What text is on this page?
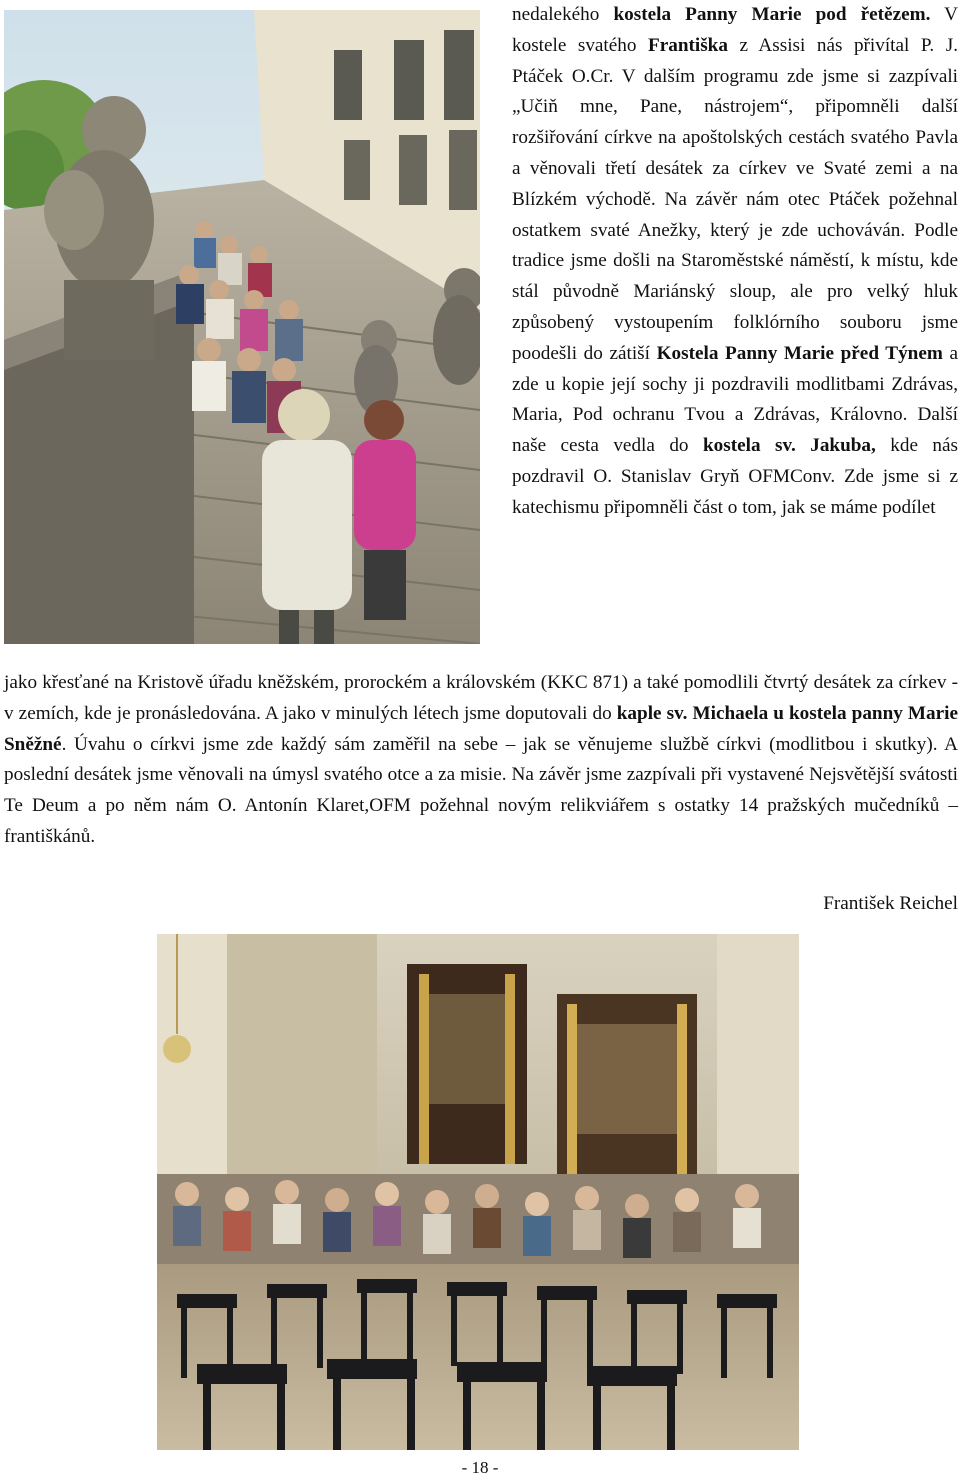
nedalekého kostela Panny Marie pod řetězem. V kostele svatého Františka z Assisi nás přivítal P. J. Ptáček O.Cr. V dalším programu zde jsme si zazpívali „Učiň mne, Pane, nástrojem“, připomněli další rozšiřování církve na apoštolských cestách svatého Pavla a věnovali třetí desátek za církev ve Svaté zemi a na Blízkém východě. Na závěr nám otec Ptáček požehnal ostatkem svaté Anežky, který je zde uchováván. Podle tradice jsme došli na Staroměstské náměstí, k místu, kde stál původně Mariánský sloup, ale pro velký hluk způsobený vystoupením folklórního souboru jsme poodešli do zátiší Kostela Panny Marie před Týnem a zde u kopie její sochy ji pozdravili modlitbami Zdrávas, Maria, Pod ochranu Tvou a Zdrávas, Královno. Další naše cesta vedla do kostela sv. Jakuba, kde nás pozdravil O. Stanislav Gryň OFMConv. Zde jsme si z katechismu připomněli část o tom, jak se máme podílet

jako křesťané na Kristově úřadu kněžském, prorockém a královském (KKC 871) a také pomodlili čtvrtý desátek za církev -v zemích, kde je pronásledována. A jako v minulých létech jsme doputovali do kaple sv. Michaela u kostela panny Marie Sněžné. Úvahu o církvi jsme zde každý sám zaměřil na sebe – jak se věnujeme službě církvi (modlitbou i skutky). A poslední desátek jsme věnovali na úmysl svatého otce a za misie. Na závěr jsme zazpívali při vystavené Nejsvětější svátosti Te Deum a po něm nám O. Antonín Klaret,OFM požehnal novým relikviářem s ostatky 14 pražských mučedníků – františkánů.

František Reichel
- 18 -
